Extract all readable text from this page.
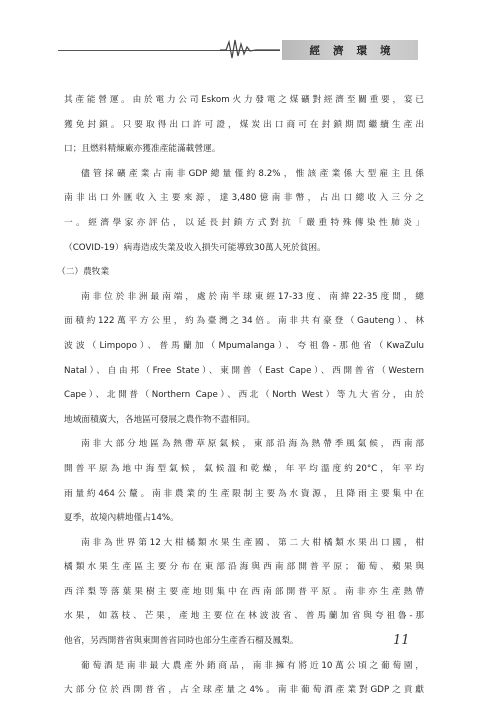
經濟環境
其產能營運。由於電力公司Eskom火力發電之煤礦對經濟至關重要，宴已
獲免封鎖。只要取得出口許可證，煤炭出口商可在封鎖期間繼續生產出
口；且燃料精煉廠亦獲准產能滿載營運。
儘管採礦產業占南非GDP總量僅約8.2%，惟該產業係大型雇主且係
南非出口外匯收入主要來源，達3,480億南非幣，占出口總收入三分之
一。經濟學家亦評估，以延長封鎖方式對抗「嚴重特殊傳染性肺炎」
（COVID-19）病毒造成失業及收入損失可能導致30萬人死於貧困。
（二）農牧業
南非位於非洲最南端，處於南半球東經17-33度、南緯22-35度間，總
面積約122萬平方公里，約為臺灣之34倍。南非共有豪登（Gauteng）、林
波波（Limpopo）、普馬蘭加（Mpumalanga）、夸祖魯-那他省（KwaZulu
Natal）、自由邦（Free State）、東開普（East Cape）、西開普省（Western
Cape）、北開普（Northern Cape）、西北（North West）等九大省分，由於
地域面積廣大，各地區可發展之農作物不盡相同。
南非大部分地區為熱帶草原氣候，東部沿海為熱帶季風氣候，西南部
開普平原為地中海型氣候，氣候溫和乾燥，年平均溫度約20°C，年平均
雨量約464公釐。南非農業的生產限制主要為水資源，且降雨主要集中在
夏季，故境內耕地僅占14%。
南非為世界第12大柑橘類水果生產國、第二大柑橘類水果出口國，柑
橘類水果生產區主要分布在東部沿海與西南部開普平原；葡萄、蘋果與
西洋梨等落葉果樹主要產地則集中在西南部開普平原。南非亦生產熱帶
水果，如荔枝、芒果，產地主要位在林波波省、普馬蘭加省與夸祖魯-那
他省，另西開普省與東開普省同時也部分生產香石榴及鳳梨。
葡萄酒是南非最大農產外銷商品，南非擁有將近10萬公頃之葡萄園，
大部分位於西開普省，占全球產量之4%。南非葡萄酒產業對GDP之貢獻
11
